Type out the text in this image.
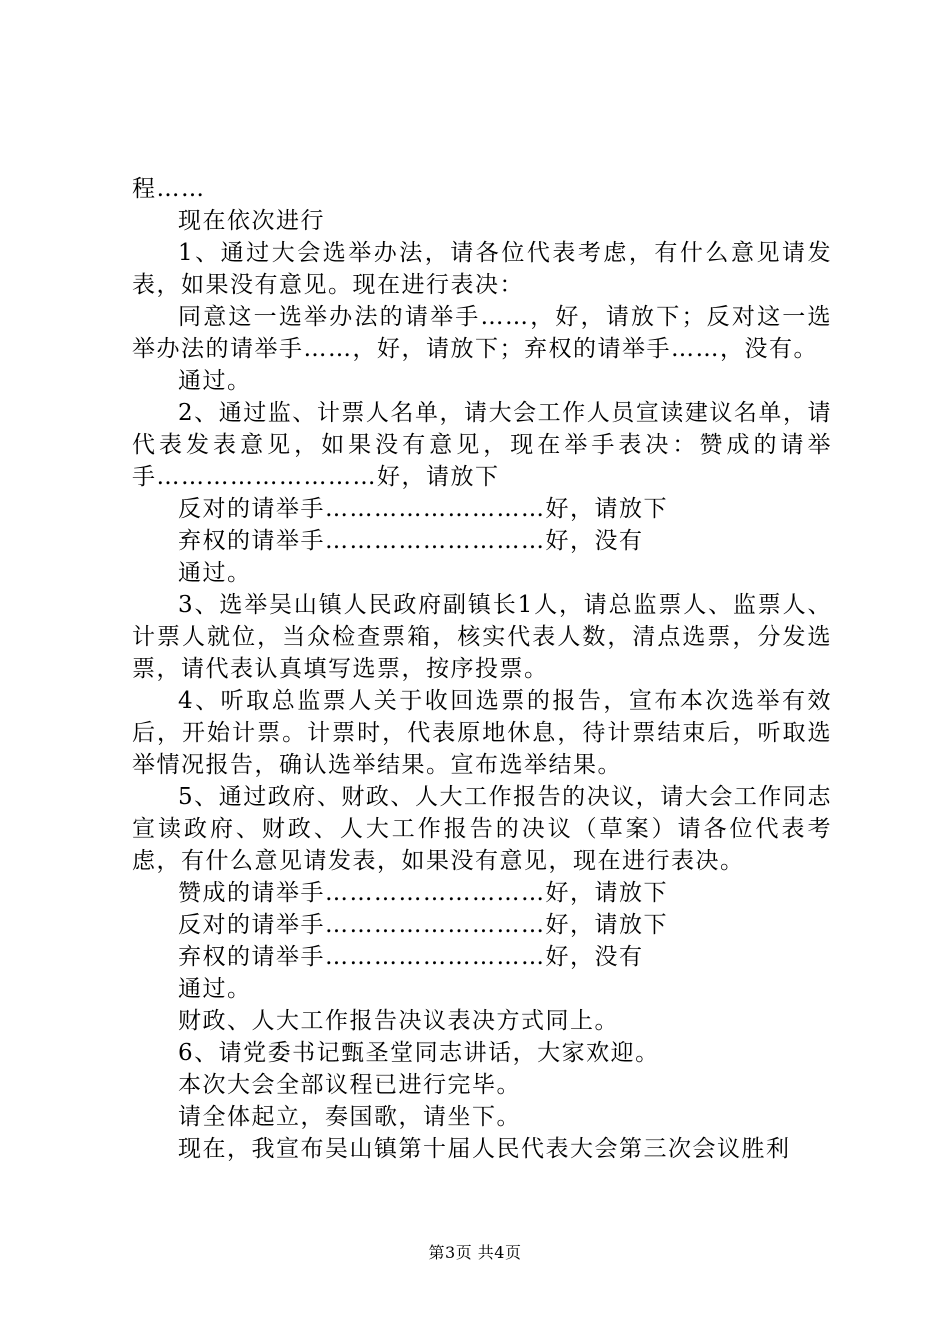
程……

现在依次进行

1、通过大会选举办法，请各位代表考虑，有什么意见请发表，如果没有意见。现在进行表决：

同意这一选举办法的请举手……，好，请放下；反对这一选举办法的请举手……，好，请放下；弃权的请举手……，没有。

通过。

2、通过监、计票人名单，请大会工作人员宣读建议名单，请代表发表意见，如果没有意见，现在举手表决：赞成的请举手………………………好，请放下

反对的请举手………………………好，请放下

弃权的请举手………………………好，没有

通过。

3、选举吴山镇人民政府副镇长1人，请总监票人、监票人、计票人就位，当众检查票箱，核实代表人数，清点选票，分发选票，请代表认真填写选票，按序投票。

4、听取总监票人关于收回选票的报告，宣布本次选举有效后，开始计票。计票时，代表原地休息，待计票结束后，听取选举情况报告，确认选举结果。宣布选举结果。

5、通过政府、财政、人大工作报告的决议，请大会工作同志宣读政府、财政、人大工作报告的决议（草案）请各位代表考虑，有什么意见请发表，如果没有意见，现在进行表决。

赞成的请举手………………………好，请放下

反对的请举手………………………好，请放下

弃权的请举手………………………好，没有

通过。

财政、人大工作报告决议表决方式同上。

6、请党委书记甄圣堂同志讲话，大家欢迎。

本次大会全部议程已进行完毕。

请全体起立，奏国歌，请坐下。

现在，我宣布吴山镇第十届人民代表大会第三次会议胜利

第3页 共4页
